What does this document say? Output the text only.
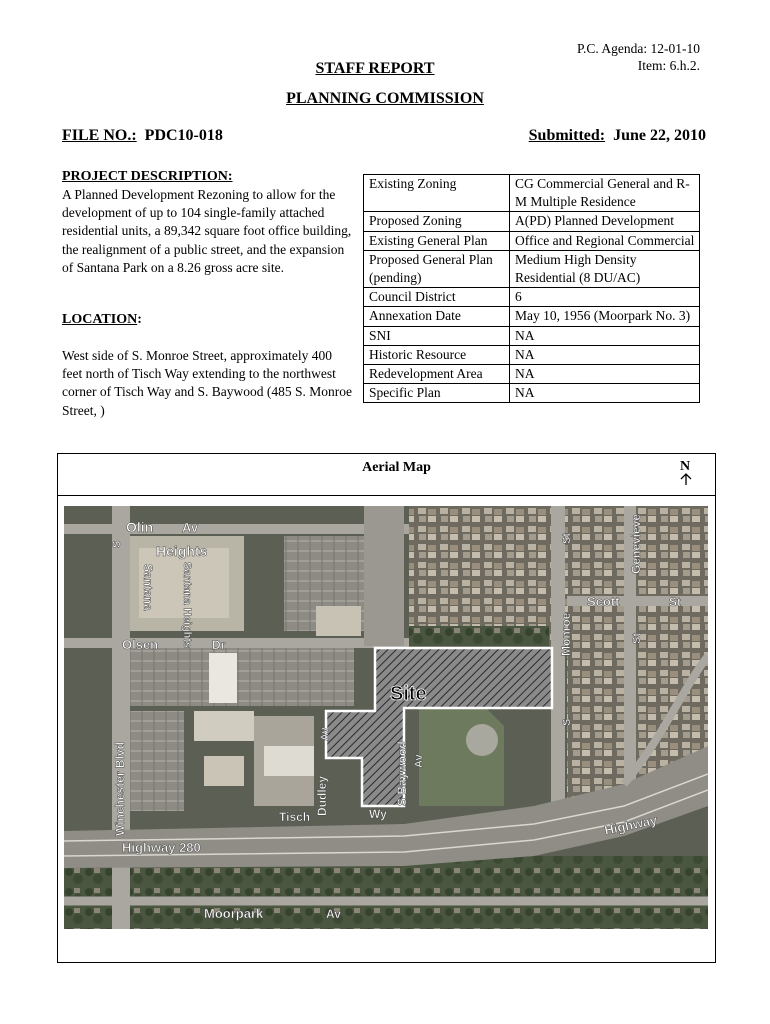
P.C. Agenda: 12-01-10
Item: 6.h.2.
STAFF REPORT
PLANNING COMMISSION
FILE NO.: PDC10-018	Submitted: June 22, 2010
PROJECT DESCRIPTION:
A Planned Development Rezoning to allow for the development of up to 104 single-family attached residential units, a 89,342 square foot office building, the realignment of a public street, and the expansion of Santana Park on a 8.26 gross acre site.
LOCATION:
West side of S. Monroe Street, approximately 400 feet north of Tisch Way extending to the northwest corner of Tisch Way and S. Baywood (485 S. Monroe Street, )
Existing Zoning	CG Commercial General and R-M Multiple Residence
Proposed Zoning	A(PD) Planned Development
Existing General Plan	Office and Regional Commercial
Proposed General Plan (pending)	Medium High Density Residential (8 DU/AC)
Council District	6
Annexation Date	May 10, 1956 (Moorpark No. 3)
SNI	NA
Historic Resource	NA
Redevelopment Area	NA
Specific Plan	NA
Aerial Map	N
Olin Av
Heights
Santana Santana Heights
Olsen	Dr
Site
Winchester Blvd
Highway 280
Highway
Tisch	Wy
Dudley
Av
S Baywood Av
Monroe
S
Scott	St
Genevieve
St
St
Moorpark	Av
S
